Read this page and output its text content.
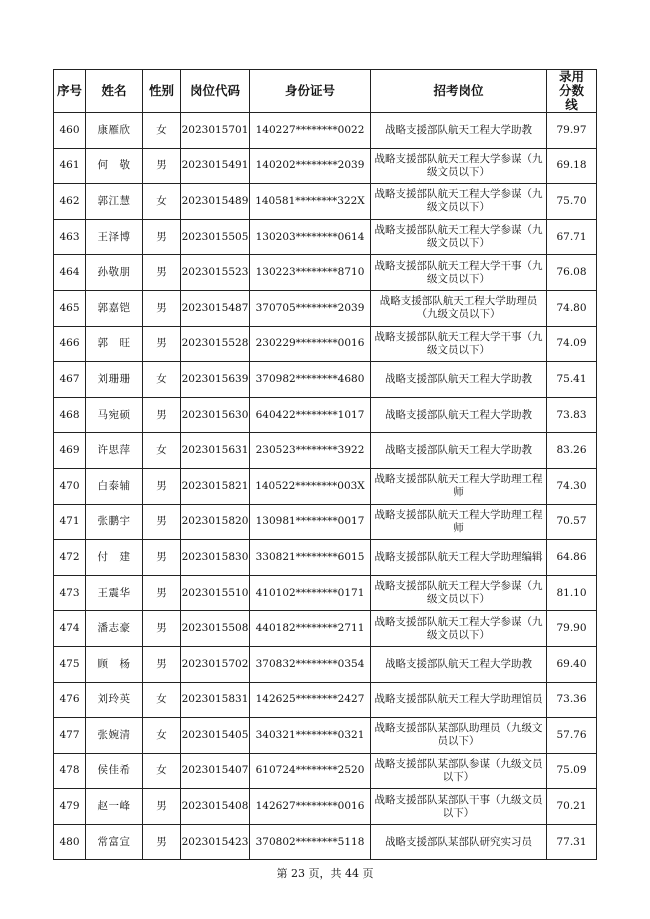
序号	姓名	性别	岗位代码	身份证号	招考岗位	录用分数线
460	康雁欣	女	2023015701	140227********0022	战略支援部队航天工程大学助教	79.97
461	何　敬	男	2023015491	140202********2039	战略支援部队航天工程大学参谋（九级文员以下）	69.18
462	郭江慧	女	2023015489	140581********322X	战略支援部队航天工程大学参谋（九级文员以下）	75.70
463	王泽博	男	2023015505	130203********0614	战略支援部队航天工程大学参谋（九级文员以下）	67.71
464	孙敬朋	男	2023015523	130223********8710	战略支援部队航天工程大学干事（九级文员以下）	76.08
465	郭嘉铠	男	2023015487	370705********2039	战略支援部队航天工程大学助理员（九级文员以下）	74.80
466	郭　旺	男	2023015528	230229********0016	战略支援部队航天工程大学干事（九级文员以下）	74.09
467	刘珊珊	女	2023015639	370982********4680	战略支援部队航天工程大学助教	75.41
468	马宛硕	男	2023015630	640422********1017	战略支援部队航天工程大学助教	73.83
469	许思萍	女	2023015631	230523********3922	战略支援部队航天工程大学助教	83.26
470	白泰辅	男	2023015821	140522********003X	战略支援部队航天工程大学助理工程师	74.30
471	张鹏宇	男	2023015820	130981********0017	战略支援部队航天工程大学助理工程师	70.57
472	付　建	男	2023015830	330821********6015	战略支援部队航天工程大学助理编辑	64.86
473	王震华	男	2023015510	410102********0171	战略支援部队航天工程大学参谋（九级文员以下）	81.10
474	潘志豪	男	2023015508	440182********2711	战略支援部队航天工程大学参谋（九级文员以下）	79.90
475	顾　杨	男	2023015702	370832********0354	战略支援部队航天工程大学助教	69.40
476	刘玲英	女	2023015831	142625********2427	战略支援部队航天工程大学助理馆员	73.36
477	张婉清	女	2023015405	340321********0321	战略支援部队某部队助理员（九级文员以下）	57.76
478	侯佳希	女	2023015407	610724********2520	战略支援部队某部队参谋（九级文员以下）	75.09
479	赵一峰	男	2023015408	142627********0016	战略支援部队某部队干事（九级文员以下）	70.21
480	常富宣	男	2023015423	370802********5118	战略支援部队某部队研究实习员	77.31
第 23 页，共 44 页
